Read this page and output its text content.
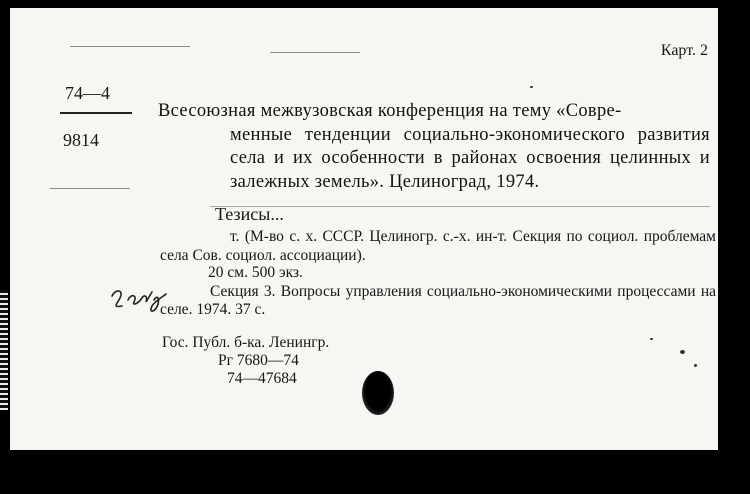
Карт. 2
74—4
9814
Всесоюзная межвузовская конференция на тему «Совре-
менные тенденции социально-экономического развития села и их особенности в районах освоения целинных и залежных земель». Целиноград, 1974.
Тезисы...
т. (М-во с. х. СССР. Целиногр. с.-х. ин-т. Секция по социол. проблемам села Сов. социол. ассоциации).
20 см. 500 экз.
Секция 3. Вопросы управления социально-экономическими процессами на селе. 1974. 37 с.
Гос. Публ. б-ка. Ленингр.
Рг 7680—74
74—47684
